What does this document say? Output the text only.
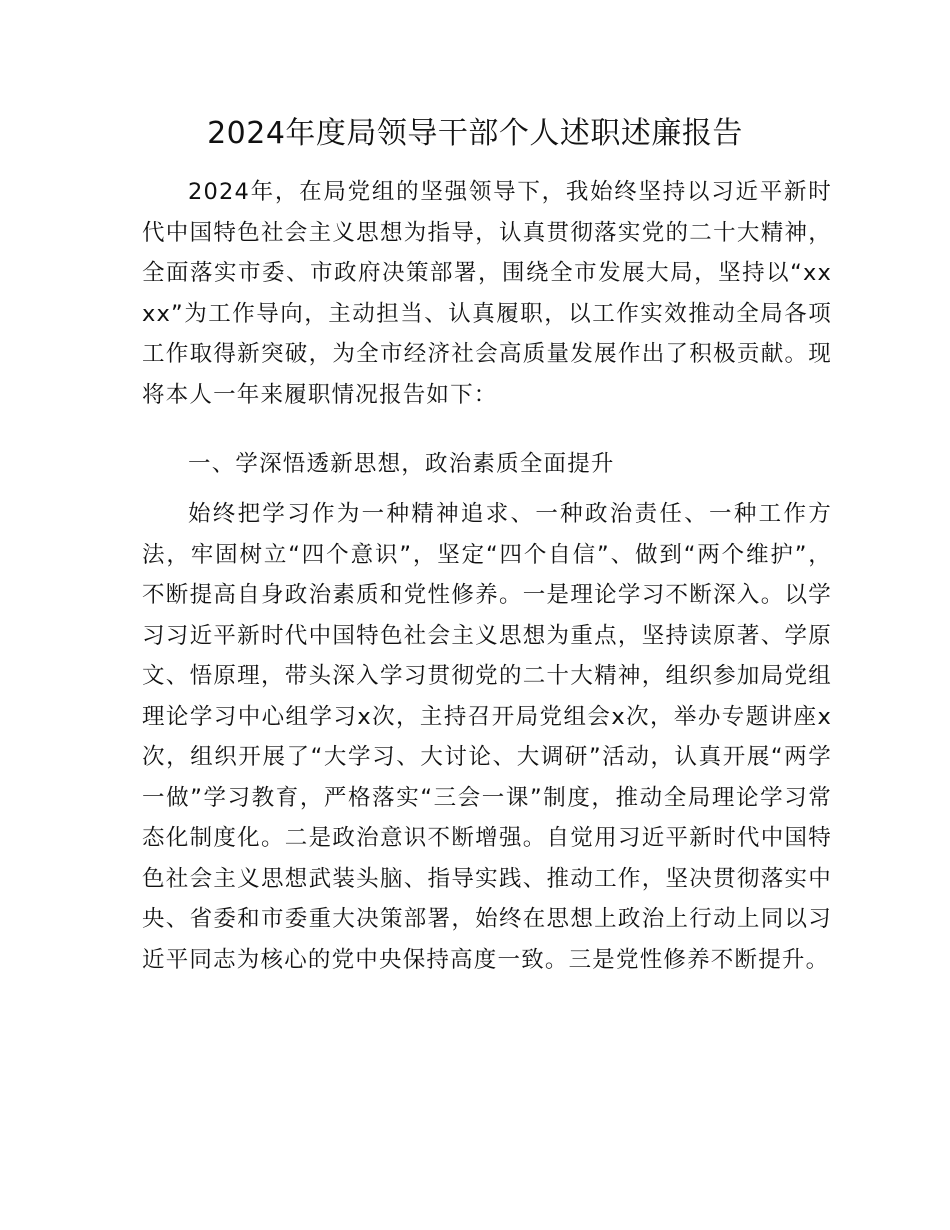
2024年度局领导干部个人述职述廉报告

2024年，在局党组的坚强领导下，我始终坚持以习近平新时代中国特色社会主义思想为指导，认真贯彻落实党的二十大精神，全面落实市委、市政府决策部署，围绕全市发展大局，坚持以“xxxx”为工作导向，主动担当、认真履职，以工作实效推动全局各项工作取得新突破，为全市经济社会高质量发展作出了积极贡献。现将本人一年来履职情况报告如下：

一、学深悟透新思想，政治素质全面提升

始终把学习作为一种精神追求、一种政治责任、一种工作方法，牢固树立“四个意识”，坚定“四个自信”、做到“两个维护”，不断提高自身政治素质和党性修养。一是理论学习不断深入。以学习习近平新时代中国特色社会主义思想为重点，坚持读原著、学原文、悟原理，带头深入学习贯彻党的二十大精神，组织参加局党组理论学习中心组学习x次，主持召开局党组会x次，举办专题讲座x次，组织开展了“大学习、大讨论、大调研”活动，认真开展“两学一做”学习教育，严格落实“三会一课”制度，推动全局理论学习常态化制度化。二是政治意识不断增强。自觉用习近平新时代中国特色社会主义思想武装头脑、指导实践、推动工作，坚决贯彻落实中央、省委和市委重大决策部署，始终在思想上政治上行动上同以习近平同志为核心的党中央保持高度一致。三是党性修养不断提升。
